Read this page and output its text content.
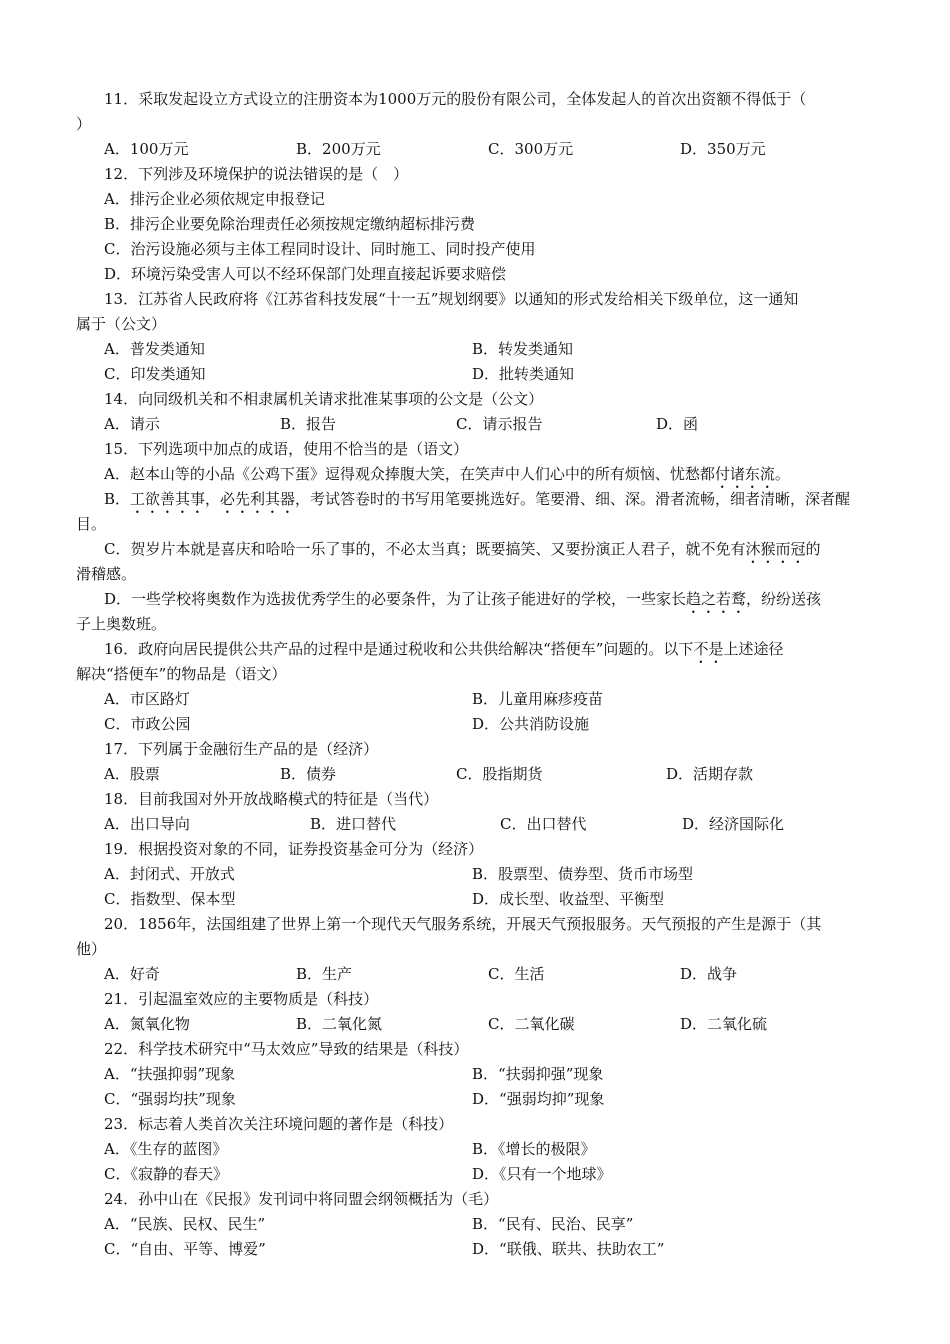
11．采取发起设立方式设立的注册资本为1000万元的股份有限公司，全体发起人的首次出资额不得低于（
）
A．100万元	B．200万元	C．300万元	D．350万元
12．下列涉及环境保护的说法错误的是（　）
A．排污企业必须依规定申报登记
B．排污企业要免除治理责任必须按规定缴纳超标排污费
C．治污设施必须与主体工程同时设计、同时施工、同时投产使用
D．环境污染受害人可以不经环保部门处理直接起诉要求赔偿
13．江苏省人民政府将《江苏省科技发展“十一五”规划纲要》以通知的形式发给相关下级单位，这一通知
属于（公文）
A．普发类通知	B．转发类通知
C．印发类通知	D．批转类通知
14．向同级机关和不相隶属机关请求批准某事项的公文是（公文）
A．请示	B．报告	C．请示报告	D．函
15．下列选项中加点的成语，使用不恰当的是（语文）
A．赵本山等的小品《公鸡下蛋》逗得观众捧腹大笑，在笑声中人们心中的所有烦恼、忧愁都付诸东流。
B．工欲善其事，必先利其器，考试答卷时的书写用笔要挑选好。笔要滑、细、深。滑者流畅，细者清晰，深者醒
目。
C．贺岁片本就是喜庆和哈哈一乐了事的，不必太当真；既要搞笑、又要扮演正人君子，就不免有沐猴而冠的
滑稽感。
D．一些学校将奥数作为选拔优秀学生的必要条件，为了让孩子能进好的学校，一些家长趋之若鹜，纷纷送孩
子上奥数班。
16．政府向居民提供公共产品的过程中是通过税收和公共供给解决“搭便车”问题的。以下不是上述途径
解决“搭便车”的物品是（语文）
A．市区路灯	B．儿童用麻疹疫苗
C．市政公园	D．公共消防设施
17．下列属于金融衍生产品的是（经济）
A．股票	B．债券	C．股指期货	D．活期存款
18．目前我国对外开放战略模式的特征是（当代）
A．出口导向	B．进口替代	C．出口替代	D．经济国际化
19．根据投资对象的不同，证券投资基金可分为（经济）
A．封闭式、开放式	B．股票型、债券型、货币市场型
C．指数型、保本型	D．成长型、收益型、平衡型
20．1856年，法国组建了世界上第一个现代天气服务系统，开展天气预报服务。天气预报的产生是源于（其
他）
A．好奇	B．生产	C．生活	D．战争
21．引起温室效应的主要物质是（科技）
A．氮氧化物	B．二氧化氮	C．二氧化碳	D．二氧化硫
22．科学技术研究中“马太效应”导致的结果是（科技）
A．“扶强抑弱”现象	B．“扶弱抑强”现象
C．“强弱均扶”现象	D．“强弱均抑”现象
23．标志着人类首次关注环境问题的著作是（科技）
A．《生存的蓝图》	B．《增长的极限》
C．《寂静的春天》	D．《只有一个地球》
24．孙中山在《民报》发刊词中将同盟会纲领概括为（毛）
A．“民族、民权、民生”	B．“民有、民治、民享”
C．“自由、平等、博爱”	D．“联俄、联共、扶助农工”
